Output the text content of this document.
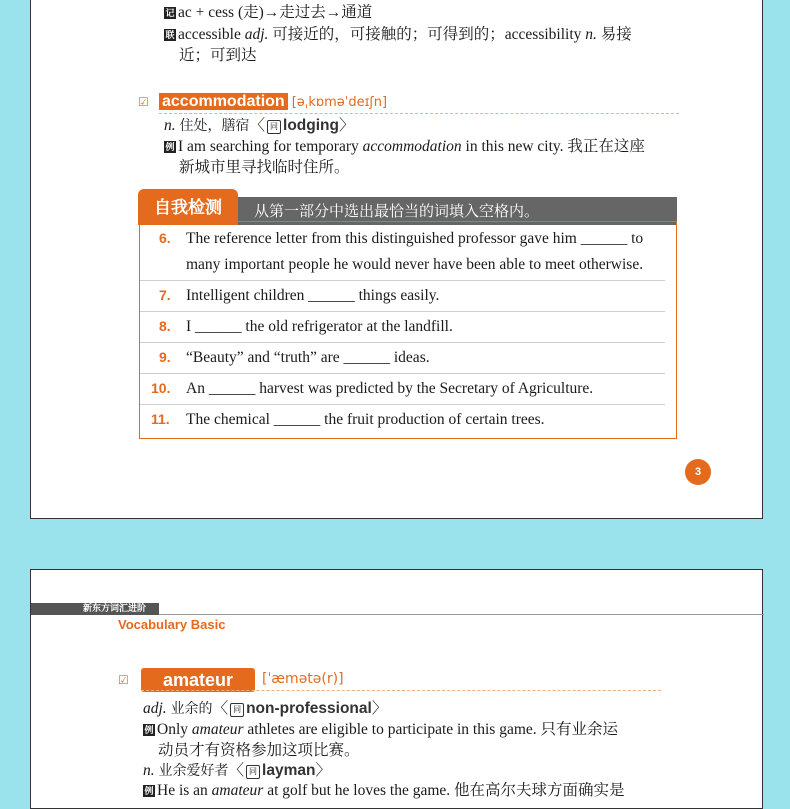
记 ac + cess (走)→走过去→通道
联 accessible adj. 可接近的，可接触的；可得到的；accessibility n. 易接
近；可到达
☑ accommodation [əˌkɒməˈdeɪʃn]
n. 住处，膳宿〈 同 lodging〉
例 I am searching for temporary accommodation in this new city. 我正在这座
新城市里寻找临时住所。
自我检测	从第一部分中选出最恰当的词填入空格内。
6. The reference letter from this distinguished professor gave him ______ to
many important people he would never have been able to meet otherwise.
7. Intelligent children ______ things easily.
8. I ______ the old refrigerator at the landfill.
9. “Beauty” and “truth” are ______ ideas.
10. An ______ harvest was predicted by the Secretary of Agriculture.
11. The chemical ______ the fruit production of certain trees.
3
新东方词汇进阶
Vocabulary Basic
☑	amateur	[ˈæmətə(r)]
adj. 业余的〈 同 non-professional〉
例 Only amateur athletes are eligible to participate in this game. 只有业余运
动员才有资格参加这项比赛。
n. 业余爱好者〈 同 layman〉
例 He is an amateur at golf but he loves the game. 他在高尔夫球方面确实是
